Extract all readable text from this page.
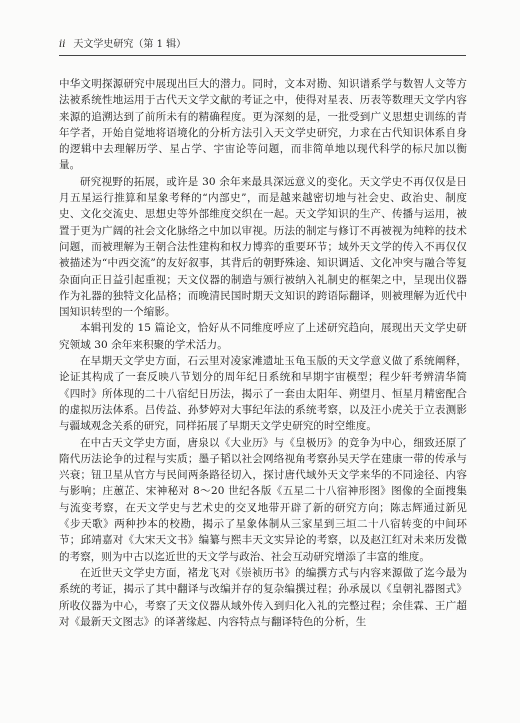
ii 天文学史研究（第 1 辑）

中华文明探源研究中展现出巨大的潜力。同时，文本对勘、知识谱系学与数智人文等方法被系统性地运用于古代天文学文献的考证之中，使得对星表、历表等数理天文学内容来源的追溯达到了前所未有的精确程度。更为深刻的是，一批受到广义思想史训练的青年学者，开始自觉地将语境化的分析方法引入天文学史研究，力求在古代知识体系自身的逻辑中去理解历学、星占学、宇宙论等问题，而非简单地以现代科学的标尺加以衡量。

研究视野的拓展，或许是 30 余年来最具深远意义的变化。天文学史不再仅仅是日月五星运行推算和星象考释的“内部史”，而是越来越密切地与社会史、政治史、制度史、文化交流史、思想史等外部维度交织在一起。天文学知识的生产、传播与运用，被置于更为广阔的社会文化脉络之中加以审视。历法的制定与修订不再被视为纯粹的技术问题，而被理解为王朝合法性建构和权力博弈的重要环节；域外天文学的传入不再仅仅被描述为“中西交流”的友好叙事，其背后的朝野殊途、知识调适、文化冲突与融合等复杂面向正日益引起重视；天文仪器的制造与颁行被纳入礼制史的框架之中，呈现出仪器作为礼器的独特文化品格；而晚清民国时期天文知识的跨语际翻译，则被理解为近代中国知识转型的一个缩影。

本辑刊发的 15 篇论文，恰好从不同维度呼应了上述研究趋向，展现出天文学史研究领域 30 余年来积聚的学术活力。

在早期天文学史方面，石云里对凌家滩遗址玉龟玉版的天文学意义做了系统阐释，论证其构成了一套反映八节划分的周年纪日系统和早期宇宙模型；程少轩考辨清华简《四时》所体现的二十八宿纪日历法，揭示了一套由太阳年、朔望月、恒星月精密配合的虚拟历法体系。吕传益、孙梦婷对大事纪年法的系统考察，以及汪小虎关于立表测影与疆域观念关系的研究，同样拓展了早期天文学史研究的时空维度。

在中古天文学史方面，唐泉以《大业历》与《皇极历》的竞争为中心，细致还原了隋代历法论争的过程与实质；墨子韬以社会网络视角考察孙吴天学在建康一带的传承与兴衰；钮卫星从官方与民间两条路径切入，探讨唐代域外天文学来华的不同途径、内容与影响；庄蕙芷、宋神秘对 8～20 世纪各版《五星二十八宿神形图》图像的全面搜集与流变考察，在天文学史与艺术史的交叉地带开辟了新的研究方向；陈志辉通过新见《步天歌》两种抄本的校勘，揭示了星象体制从三家星到三垣二十八宿转变的中间环节；邱靖嘉对《大宋天文书》编纂与熙丰天文实异论的考察，以及赵江红对未来历发微的考察，则为中古以迄近世的天文学与政治、社会互动研究增添了丰富的维度。

在近世天文学史方面，褚龙飞对《崇祯历书》的编撰方式与内容来源做了迄今最为系统的考证，揭示了其中翻译与改编并存的复杂编撰过程；孙承晟以《皇朝礼器图式》所收仪器为中心，考察了天文仪器从域外传入到归化入礼的完整过程；余佳霖、王广超对《最新天文图志》的译著缘起、内容特点与翻译特色的分析，生
